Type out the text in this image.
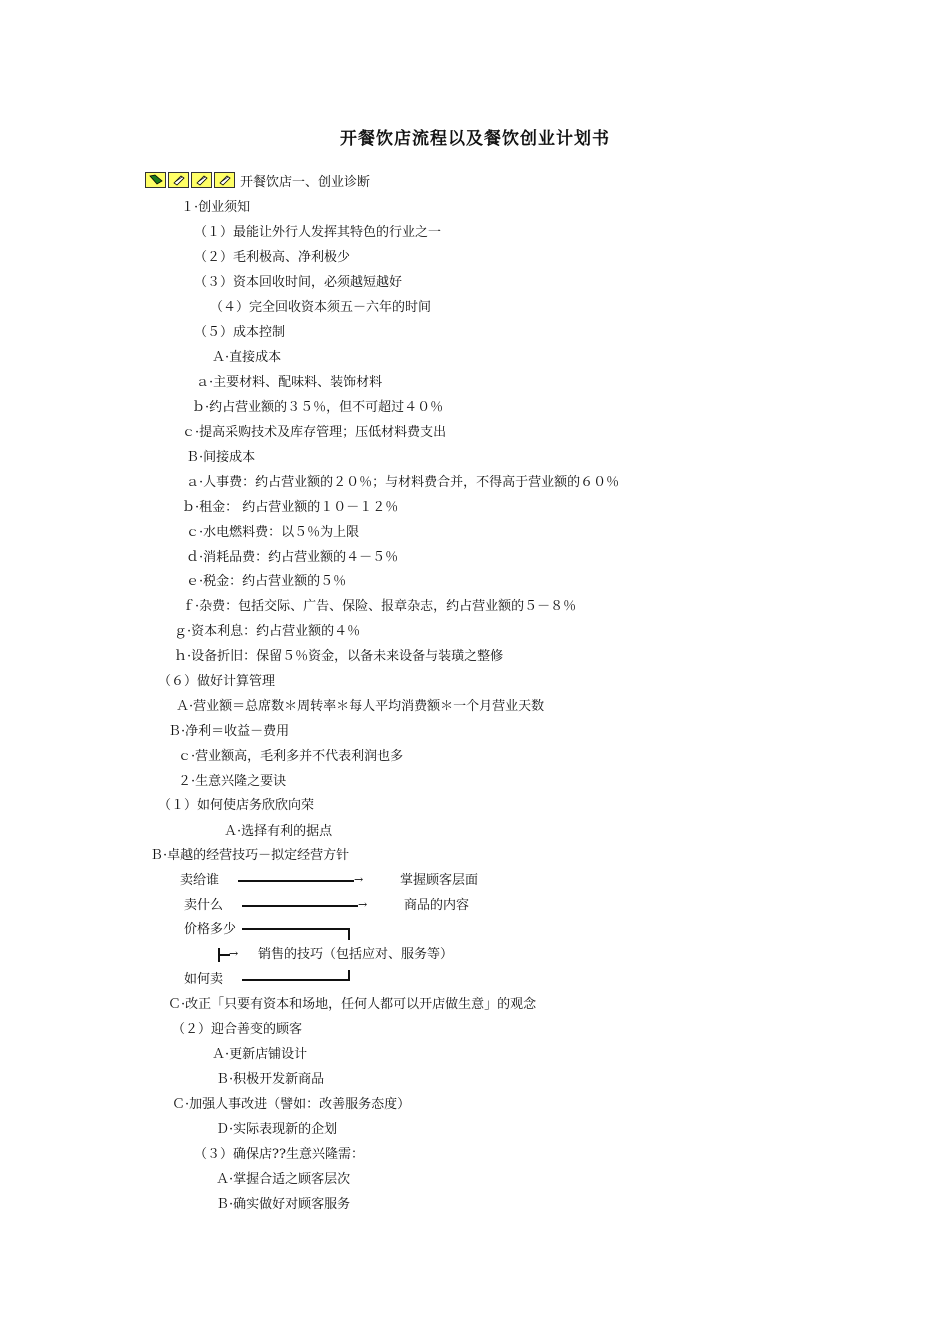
开餐饮店流程以及餐饮创业计划书
开餐饮店一、创业诊断
１·创业须知
（１）最能让外行人发挥其特色的行业之一
（２）毛利极高、净利极少
（３）资本回收时间，必须越短越好
（４）完全回收资本须五－六年的时间
（５）成本控制
Ａ·直接成本
ａ·主要材料、配味料、装饰材料
ｂ·约占营业额的３５％，但不可超过４０％
ｃ·提高采购技术及库存管理；压低材料费支出
Ｂ·间接成本
ａ·人事费：约占营业额的２０％；与材料费合并，不得高于营业额的６０％
ｂ·租金： 约占营业额的１０－１２％
ｃ·水电燃料费：以５％为上限
ｄ·消耗品费：约占营业额的４－５％
ｅ·税金：约占营业额的５％
ｆ·杂费：包括交际、广告、保险、报章杂志，约占营业额的５－８％
ｇ·资本利息：约占营业额的４％
ｈ·设备折旧：保留５％资金，以备未来设备与装璜之整修
（６）做好计算管理
Ａ·营业额＝总席数＊周转率＊每人平均消费额＊一个月营业天数
Ｂ·净利＝收益－费用
ｃ·营业额高，毛利多并不代表利润也多
２·生意兴隆之要诀
（１）如何使店务欣欣向荣
Ａ·选择有利的据点
Ｂ·卓越的经营技巧－拟定经营方针
卖给谁	→	掌握顾客层面
卖什么	→	商品的内容
价格多少
→ 销售的技巧（包括应对、服务等）
如何卖
Ｃ·改正「只要有资本和场地，任何人都可以开店做生意」的观念
（２）迎合善变的顾客
Ａ·更新店铺设计
Ｂ·积极开发新商品
Ｃ·加强人事改进（譬如：改善服务态度）
Ｄ·实际表现新的企划
（３）确保店??生意兴隆需：
Ａ·掌握合适之顾客层次
Ｂ·确实做好对顾客服务
